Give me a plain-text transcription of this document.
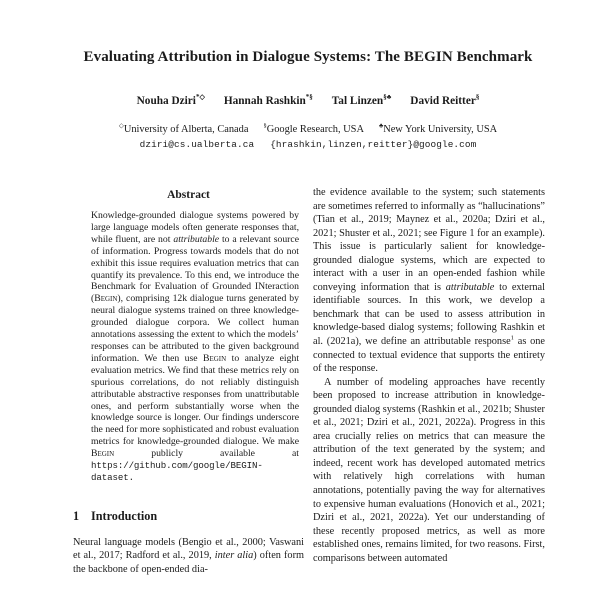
Evaluating Attribution in Dialogue Systems: The BEGIN Benchmark
Nouha Dziri*◇ Hannah Rashkin*§ Tal Linzen§♣ David Reitter§
◇University of Alberta, Canada §Google Research, USA ♣New York University, USA
dziri@cs.ualberta.ca {hrashkin,linzen,reitter}@google.com
Abstract

Knowledge-grounded dialogue systems powered by large language models often generate responses that, while fluent, are not attributable to a relevant source of information. Progress towards models that do not exhibit this issue requires evaluation metrics that can quantify its prevalence. To this end, we introduce the Benchmark for Evaluation of Grounded INteraction (Begin), comprising 12k dialogue turns generated by neural dialogue systems trained on three knowledge-grounded dialogue corpora. We collect human annotations assessing the extent to which the models’ responses can be attributed to the given background information. We then use Begin to analyze eight evaluation metrics. We find that these metrics rely on spurious correlations, do not reliably distinguish attributable abstractive responses from unattributable ones, and perform substantially worse when the knowledge source is longer. Our findings underscore the need for more sophisticated and robust evaluation metrics for knowledge-grounded dialogue. We make Begin publicly available at https://github.com/google/BEGIN-dataset.

1 Introduction

Neural language models (Bengio et al., 2000; Vaswani et al., 2017; Radford et al., 2019, inter alia) often form the backbone of open-ended dia-

the evidence available to the system; such statements are sometimes referred to informally as “hallucinations” (Tian et al., 2019; Maynez et al., 2020a; Dziri et al., 2021; Shuster et al., 2021; see Figure 1 for an example). This issue is particularly salient for knowledge-grounded dialogue systems, which are expected to interact with a user in an open-ended fashion while conveying information that is attributable to external identifiable sources. In this work, we develop a benchmark that can be used to assess attribution in knowledge-based dialog systems; following Rashkin et al. (2021a), we define an attributable response$^1$ as one connected to textual evidence that supports the entirety of the response.

A number of modeling approaches have recently been proposed to increase attribution in knowledge-grounded dialog systems (Rashkin et al., 2021b; Shuster et al., 2021; Dziri et al., 2021, 2022a). Progress in this area crucially relies on metrics that can measure the attribution of the text generated by the system; and indeed, recent work has developed automated metrics with relatively high correlations with human annotations, potentially paving the way for alternatives to expensive human evaluations (Honovich et al., 2021; Dziri et al., 2021, 2022a). Yet our understanding of these recently proposed metrics, as well as more established ones, remains limited, for two reasons. First, comparisons between automated
